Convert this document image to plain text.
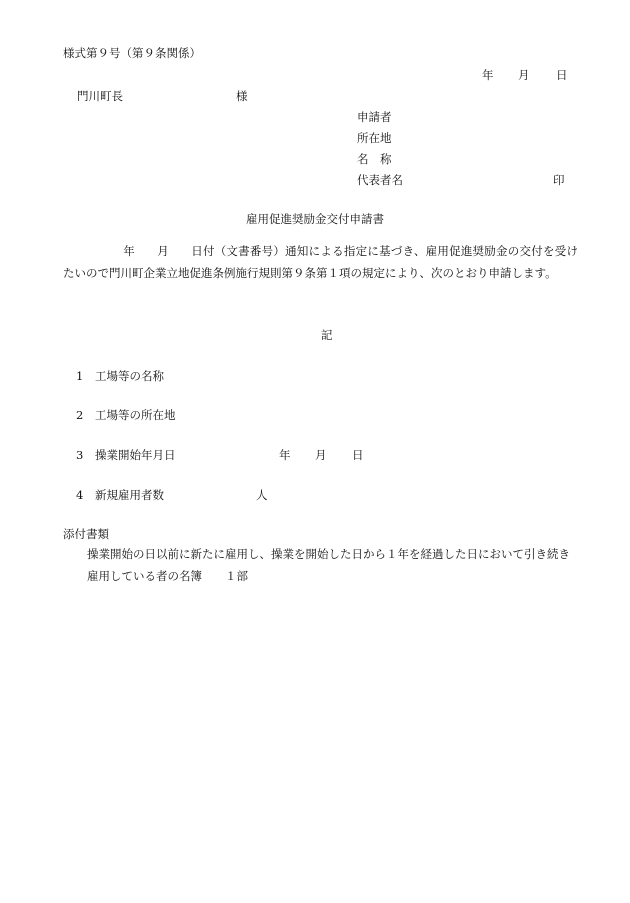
様式第９号（第９条関係）
年 月 日
門川町長	様
申請者
所在地
名　称
代表者名	印
雇用促進奨励金交付申請書
年 月 日付（文書番号）通知による指定に基づき、雇用促進奨励金の交付を受けたいので門川町企業立地促進条例施行規則第９条第１項の規定により、次のとおり申請します。
記
1 工場等の名称
2 工場等の所在地
3 操業開始年月日	年 月 日
4 新規雇用者数	人
添付書類
操業開始の日以前に新たに雇用し、操業を開始した日から１年を経過した日において引き続き雇用している者の名簿　　１部
